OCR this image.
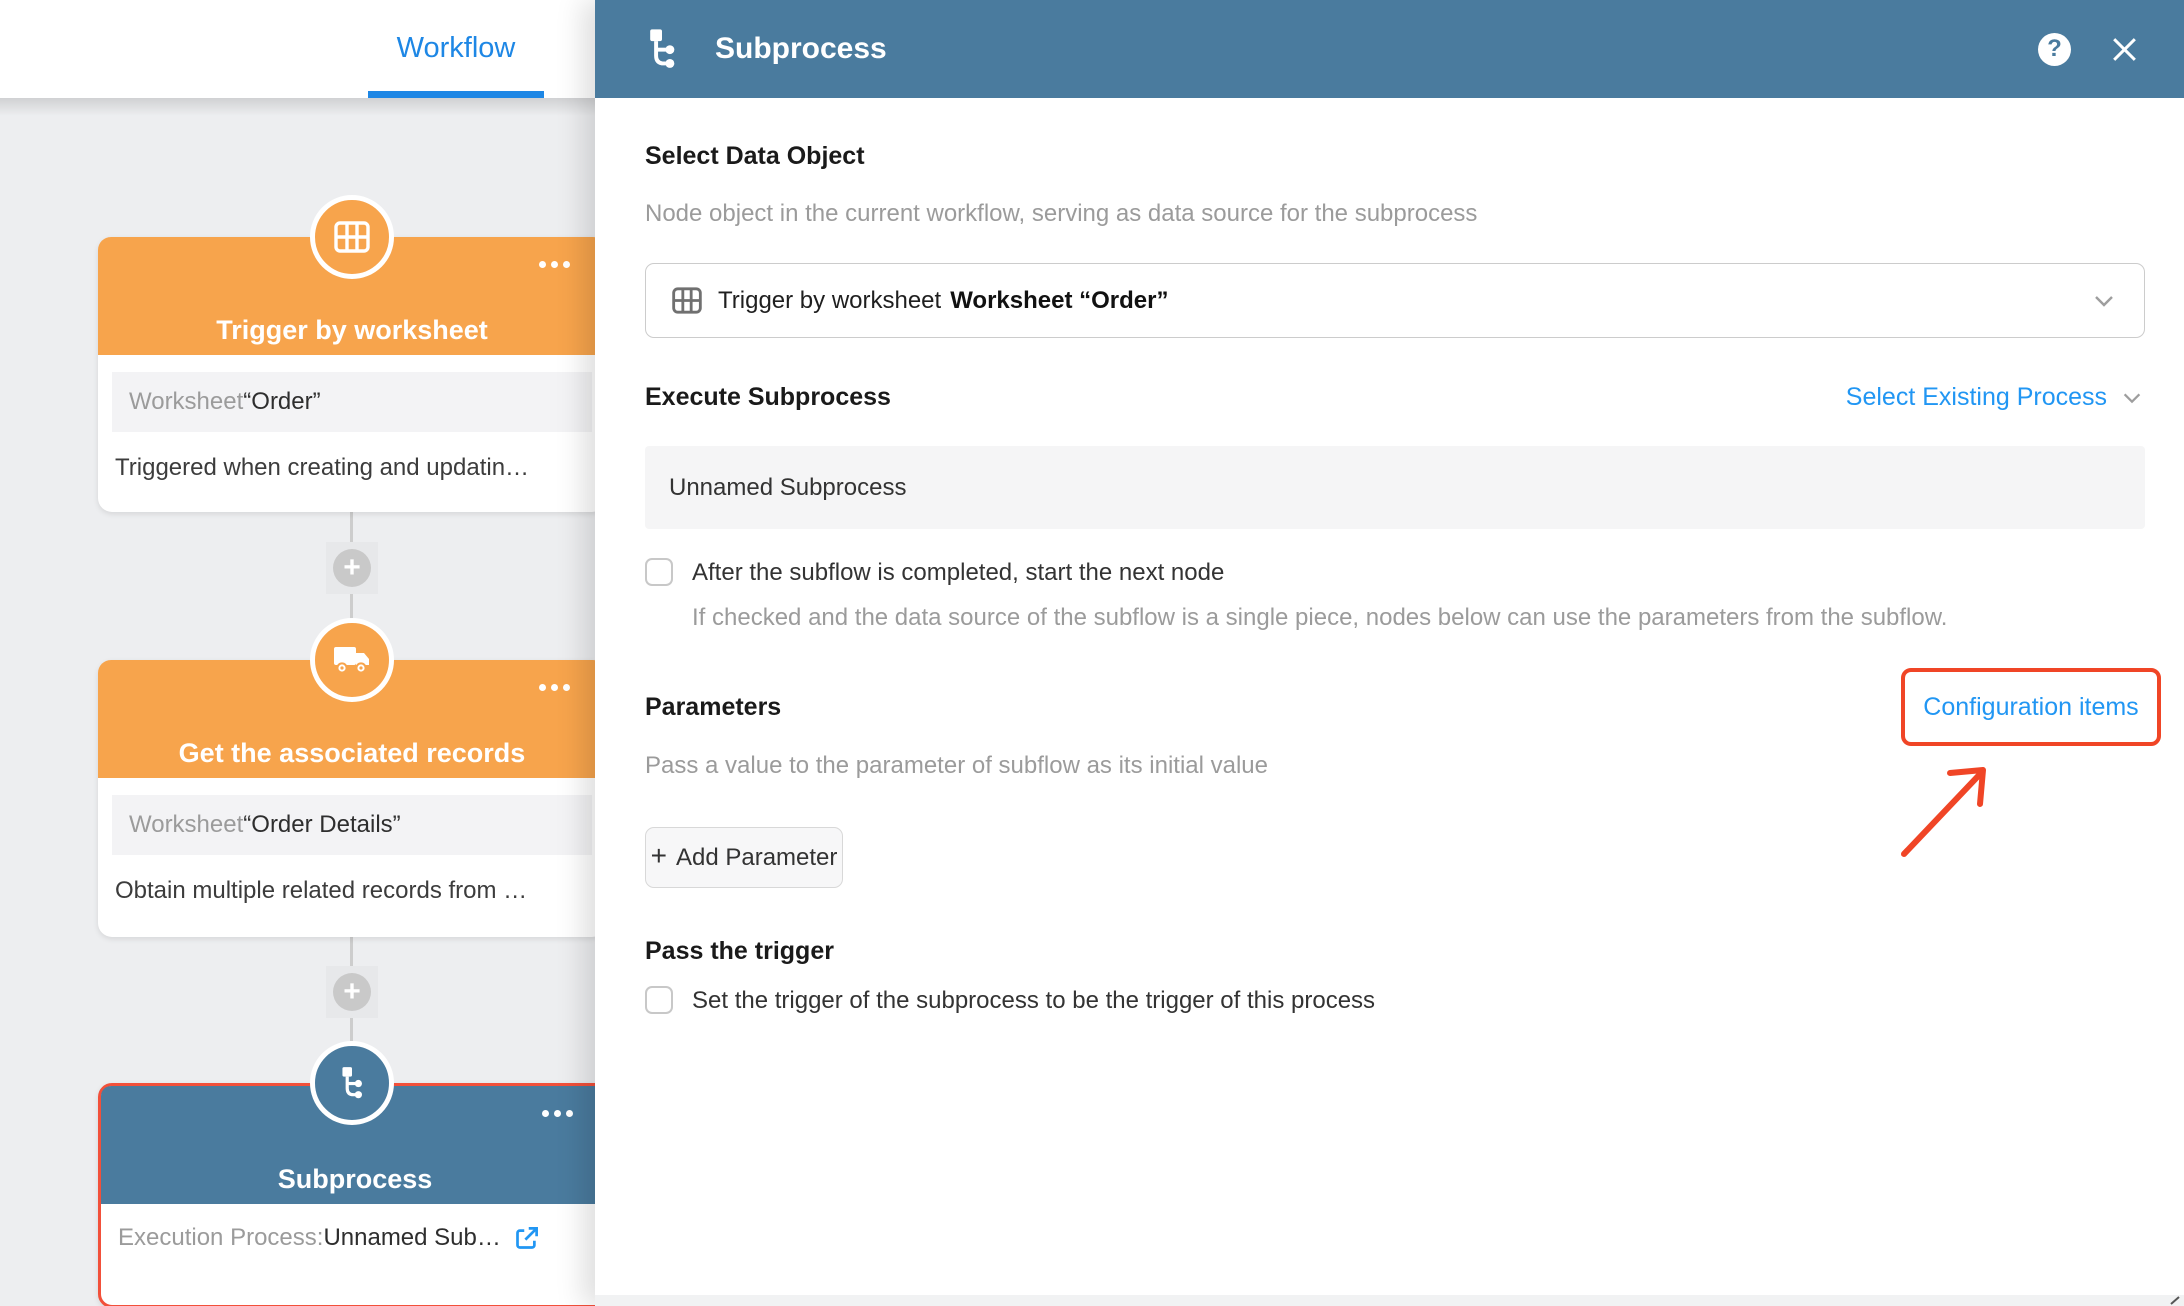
+
+
Trigger by worksheet
Worksheet “Order”
Triggered when creating and updatin…
Get the associated records
Worksheet “Order Details”
Obtain multiple related records from …
Subprocess
Execution Process: Unnamed Sub…
Workflow	Subprocess	?
Select Data Object
Node object in the current workflow, serving as data source for the subprocess
Trigger by worksheet Worksheet “Order”
Execute Subprocess	Select Existing Process
Unnamed Subprocess
After the subflow is completed, start the next node
If checked and the data source of the subflow is a single piece, nodes below can use the parameters from the subflow.
Parameters	Configuration items
Pass a value to the parameter of subflow as its initial value
+ Add Parameter
Pass the trigger
Set the trigger of the subprocess to be the trigger of this process
